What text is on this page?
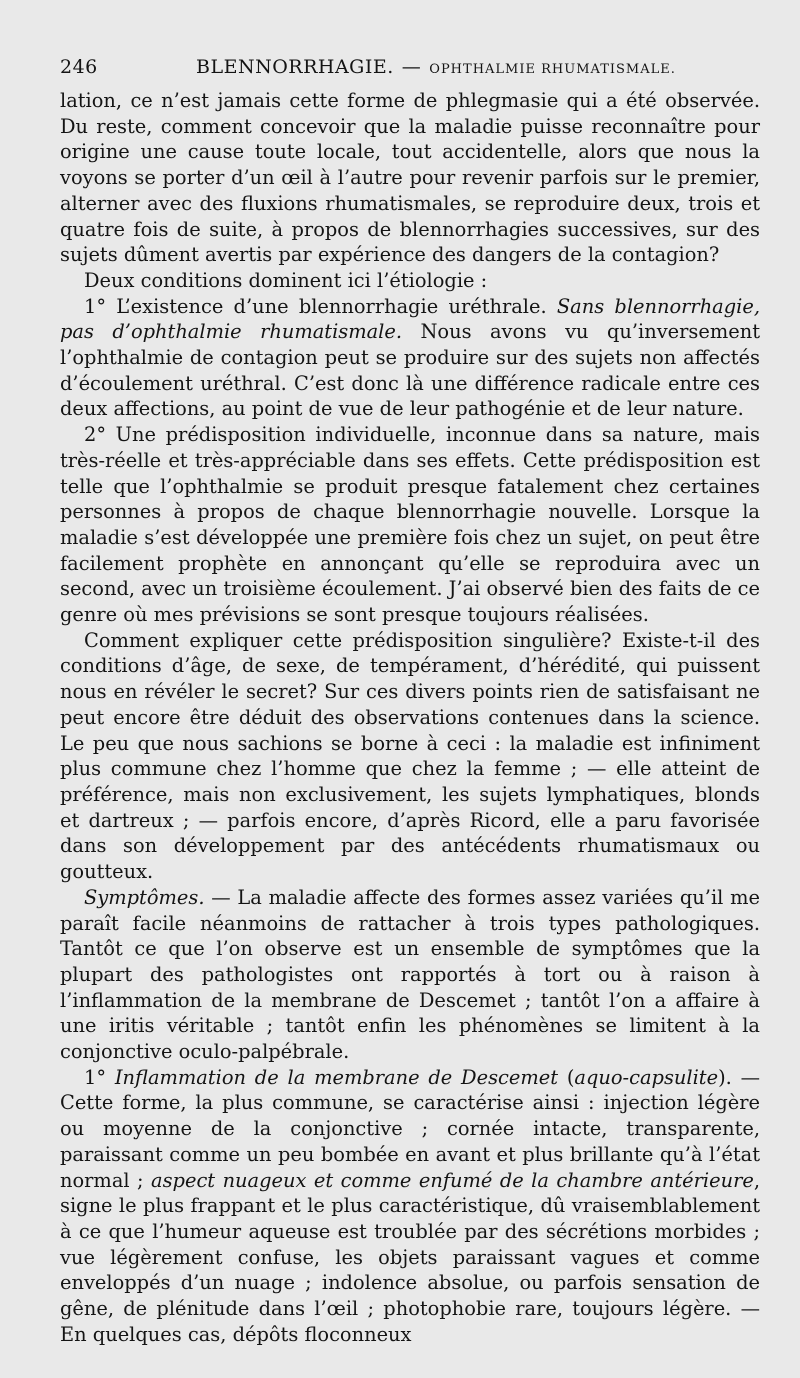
246	BLENNORRHAGIE. — OPHTHALMIE RHUMATISMALE.

lation, ce n’est jamais cette forme de phlegmasie qui a été observée. Du reste, comment concevoir que la maladie puisse reconnaître pour origine une cause toute locale, tout accidentelle, alors que nous la voyons se porter d’un œil à l’autre pour revenir parfois sur le premier, alterner avec des fluxions rhumatismales, se reproduire deux, trois et quatre fois de suite, à propos de blennorrhagies successives, sur des sujets dûment avertis par expérience des dangers de la contagion?

Deux conditions dominent ici l’étiologie :

1° L’existence d’une blennorrhagie uréthrale. Sans blennorrhagie, pas d’ophthalmie rhumatismale. Nous avons vu qu’inversement l’ophthalmie de contagion peut se produire sur des sujets non affectés d’écoulement uréthral. C’est donc là une différence radicale entre ces deux affections, au point de vue de leur pathogénie et de leur nature.

2° Une prédisposition individuelle, inconnue dans sa nature, mais très-réelle et très-appréciable dans ses effets. Cette prédisposition est telle que l’ophthalmie se produit presque fatalement chez certaines personnes à propos de chaque blennorrhagie nouvelle. Lorsque la maladie s’est développée une première fois chez un sujet, on peut être facilement prophète en annonçant qu’elle se reproduira avec un second, avec un troisième écoulement. J’ai observé bien des faits de ce genre où mes prévisions se sont presque toujours réalisées.

Comment expliquer cette prédisposition singulière? Existe-t-il des conditions d’âge, de sexe, de tempérament, d’hérédité, qui puissent nous en révéler le secret? Sur ces divers points rien de satisfaisant ne peut encore être déduit des observations contenues dans la science. Le peu que nous sachions se borne à ceci : la maladie est infiniment plus commune chez l’homme que chez la femme ; — elle atteint de préférence, mais non exclusivement, les sujets lymphatiques, blonds et dartreux ; — parfois encore, d’après Ricord, elle a paru favorisée dans son développement par des antécédents rhumatismaux ou goutteux.

Symptômes. — La maladie affecte des formes assez variées qu’il me paraît facile néanmoins de rattacher à trois types pathologiques. Tantôt ce que l’on observe est un ensemble de symptômes que la plupart des pathologistes ont rapportés à tort ou à raison à l’inflammation de la membrane de Descemet ; tantôt l’on a affaire à une iritis véritable ; tantôt enfin les phénomènes se limitent à la conjonctive oculo-palpébrale.

1° Inflammation de la membrane de Descemet (aquo-capsulite). — Cette forme, la plus commune, se caractérise ainsi : injection légère ou moyenne de la conjonctive ; cornée intacte, transparente, paraissant comme un peu bombée en avant et plus brillante qu’à l’état normal ; aspect nuageux et comme enfumé de la chambre antérieure, signe le plus frappant et le plus caractéristique, dû vraisemblablement à ce que l’humeur aqueuse est troublée par des sécrétions morbides ; vue légèrement confuse, les objets paraissant vagues et comme enveloppés d’un nuage ; indolence absolue, ou parfois sensation de gêne, de plénitude dans l’œil ; photophobie rare, toujours légère. — En quelques cas, dépôts floconneux
